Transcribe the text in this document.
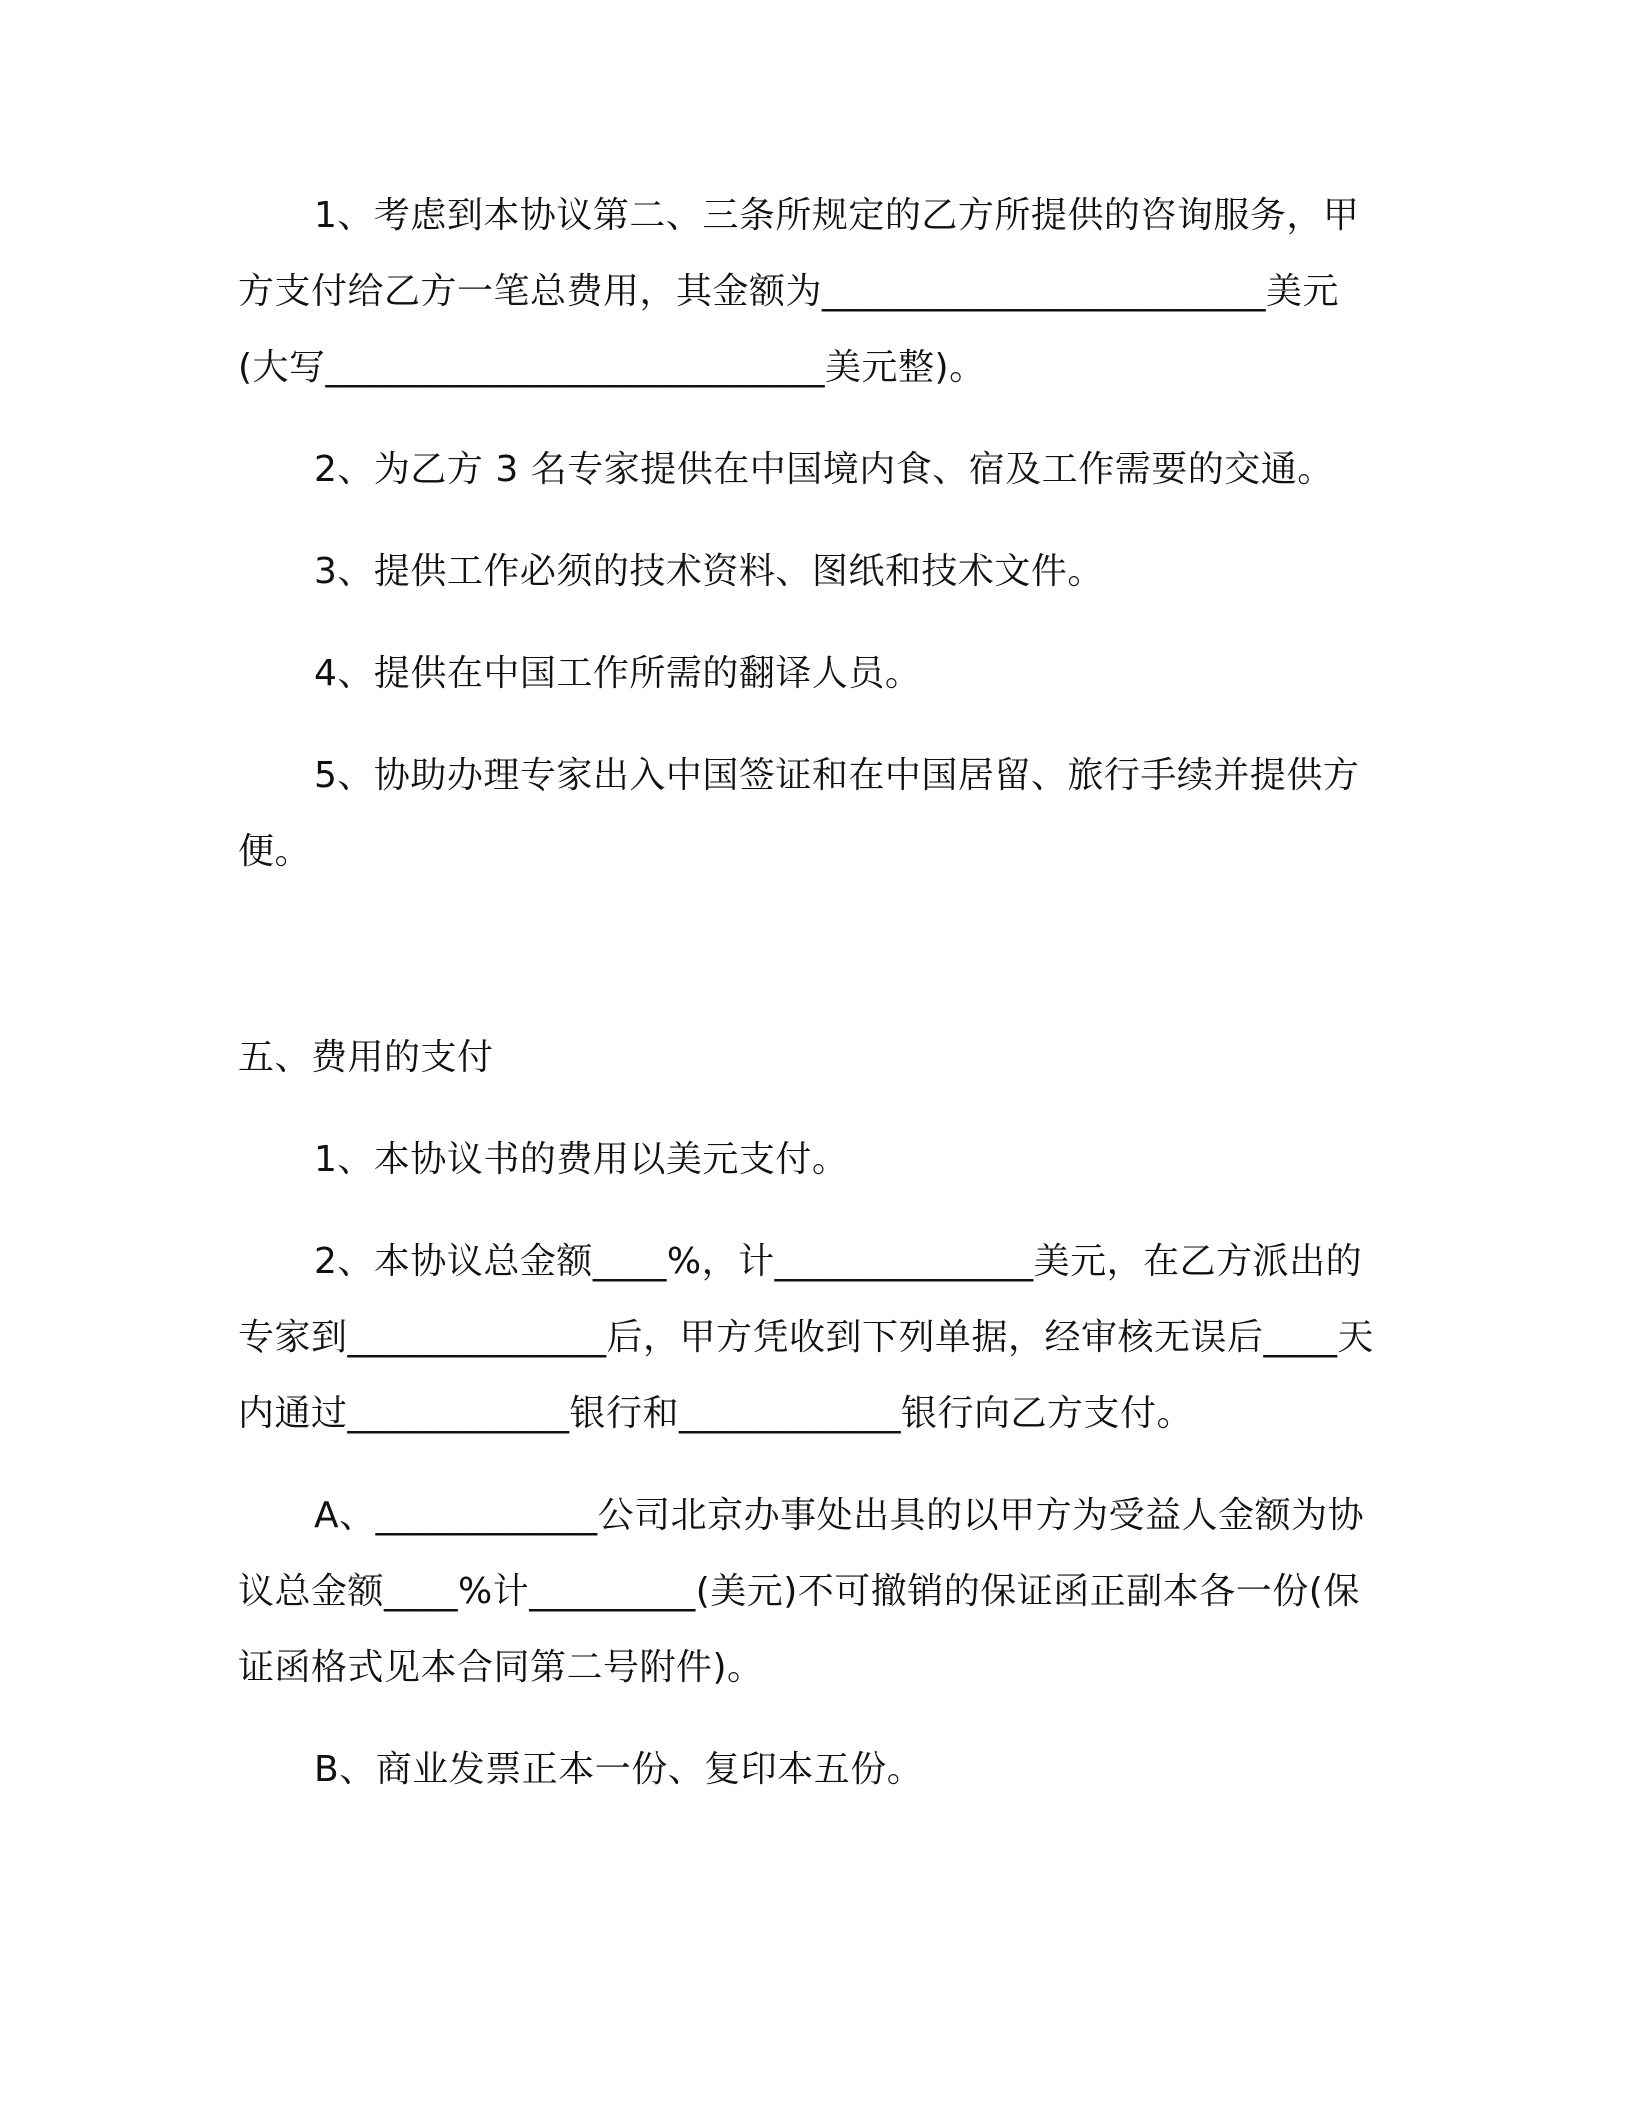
1、考虑到本协议第二、三条所规定的乙方所提供的咨询服务，甲方支付给乙方一笔总费用，其金额为________________________美元(大写___________________________美元整)。
2、为乙方 3 名专家提供在中国境内食、宿及工作需要的交通。
3、提供工作必须的技术资料、图纸和技术文件。
4、提供在中国工作所需的翻译人员。
5、协助办理专家出入中国签证和在中国居留、旅行手续并提供方便。
五、费用的支付
1、本协议书的费用以美元支付。
2、本协议总金额____%，计______________美元，在乙方派出的专家到______________后，甲方凭收到下列单据，经审核无误后____天内通过____________银行和____________银行向乙方支付。
A、____________公司北京办事处出具的以甲方为受益人金额为协议总金额____%计_________(美元)不可撤销的保证函正副本各一份(保证函格式见本合同第二号附件)。
B、商业发票正本一份、复印本五份。
